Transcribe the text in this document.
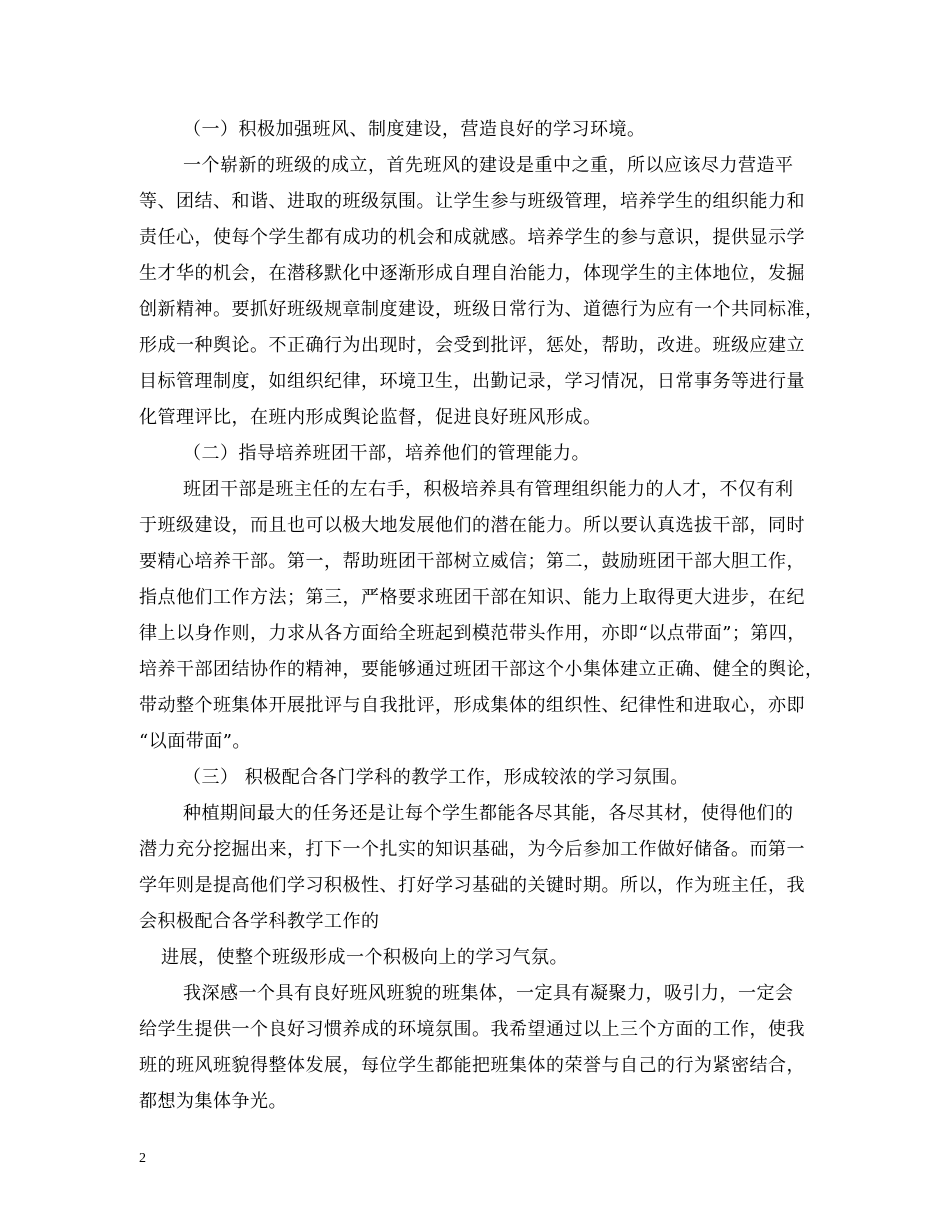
（一）积极加强班风、制度建设，营造良好的学习环境。
一个崭新的班级的成立，首先班风的建设是重中之重，所以应该尽力营造平
等、团结、和谐、进取的班级氛围。让学生参与班级管理，培养学生的组织能力和
责任心，使每个学生都有成功的机会和成就感。培养学生的参与意识，提供显示学
生才华的机会，在潜移默化中逐渐形成自理自治能力，体现学生的主体地位，发掘
创新精神。要抓好班级规章制度建设，班级日常行为、道德行为应有一个共同标准，
形成一种舆论。不正确行为出现时，会受到批评，惩处，帮助，改进。班级应建立
目标管理制度，如组织纪律，环境卫生，出勤记录，学习情况，日常事务等进行量
化管理评比，在班内形成舆论监督，促进良好班风形成。
（二）指导培养班团干部，培养他们的管理能力。
班团干部是班主任的左右手，积极培养具有管理组织能力的人才，不仅有利
于班级建设，而且也可以极大地发展他们的潜在能力。所以要认真选拔干部，同时
要精心培养干部。第一，帮助班团干部树立威信；第二，鼓励班团干部大胆工作，
指点他们工作方法；第三，严格要求班团干部在知识、能力上取得更大进步，在纪
律上以身作则，力求从各方面给全班起到模范带头作用，亦即“以点带面”；第四，
培养干部团结协作的精神，要能够通过班团干部这个小集体建立正确、健全的舆论，
带动整个班集体开展批评与自我批评，形成集体的组织性、纪律性和进取心，亦即
“以面带面”。
（三） 积极配合各门学科的教学工作，形成较浓的学习氛围。
种植期间最大的任务还是让每个学生都能各尽其能，各尽其材，使得他们的
潜力充分挖掘出来，打下一个扎实的知识基础，为今后参加工作做好储备。而第一
学年则是提高他们学习积极性、打好学习基础的关键时期。所以，作为班主任，我
会积极配合各学科教学工作的
进展，使整个班级形成一个积极向上的学习气氛。
我深感一个具有良好班风班貌的班集体，一定具有凝聚力，吸引力，一定会
给学生提供一个良好习惯养成的环境氛围。我希望通过以上三个方面的工作，使我
班的班风班貌得整体发展，每位学生都能把班集体的荣誉与自己的行为紧密结合，
都想为集体争光。
2
